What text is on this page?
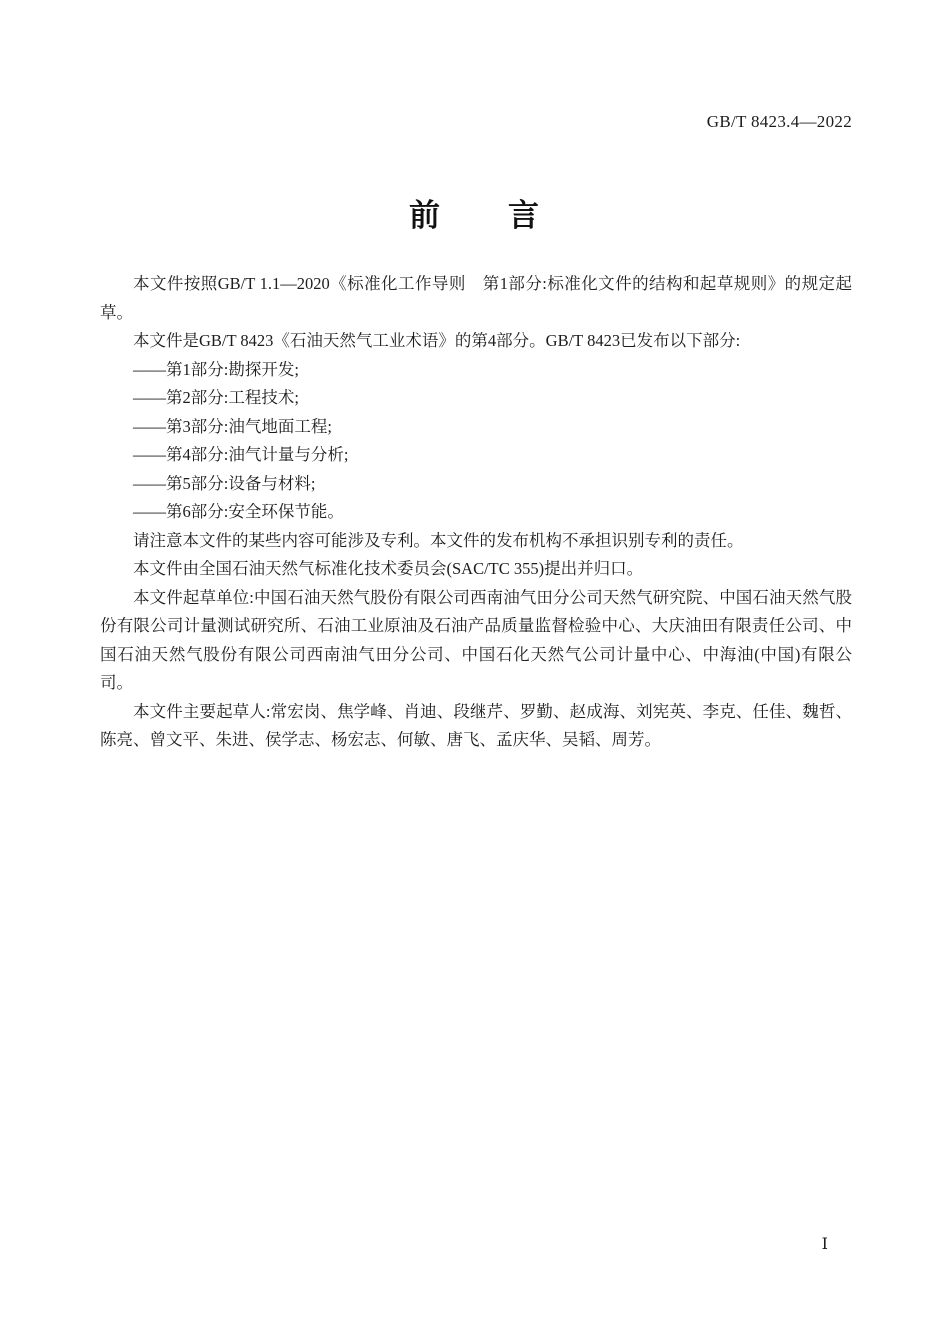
GB/T 8423.4—2022
前　　言

本文件按照GB/T 1.1—2020《标准化工作导则　第1部分:标准化文件的结构和起草规则》的规定起草。

本文件是GB/T 8423《石油天然气工业术语》的第4部分。GB/T 8423已发布以下部分:

——第1部分:勘探开发;

——第2部分:工程技术;

——第3部分:油气地面工程;

——第4部分:油气计量与分析;

——第5部分:设备与材料;

——第6部分:安全环保节能。

请注意本文件的某些内容可能涉及专利。本文件的发布机构不承担识别专利的责任。

本文件由全国石油天然气标准化技术委员会(SAC/TC 355)提出并归口。

本文件起草单位:中国石油天然气股份有限公司西南油气田分公司天然气研究院、中国石油天然气股份有限公司计量测试研究所、石油工业原油及石油产品质量监督检验中心、大庆油田有限责任公司、中国石油天然气股份有限公司西南油气田分公司、中国石化天然气公司计量中心、中海油(中国)有限公司。

本文件主要起草人:常宏岗、焦学峰、肖迪、段继芹、罗勤、赵成海、刘宪英、李克、任佳、魏哲、陈亮、曾文平、朱进、侯学志、杨宏志、何敏、唐飞、孟庆华、吴韬、周芳。

Ⅰ
